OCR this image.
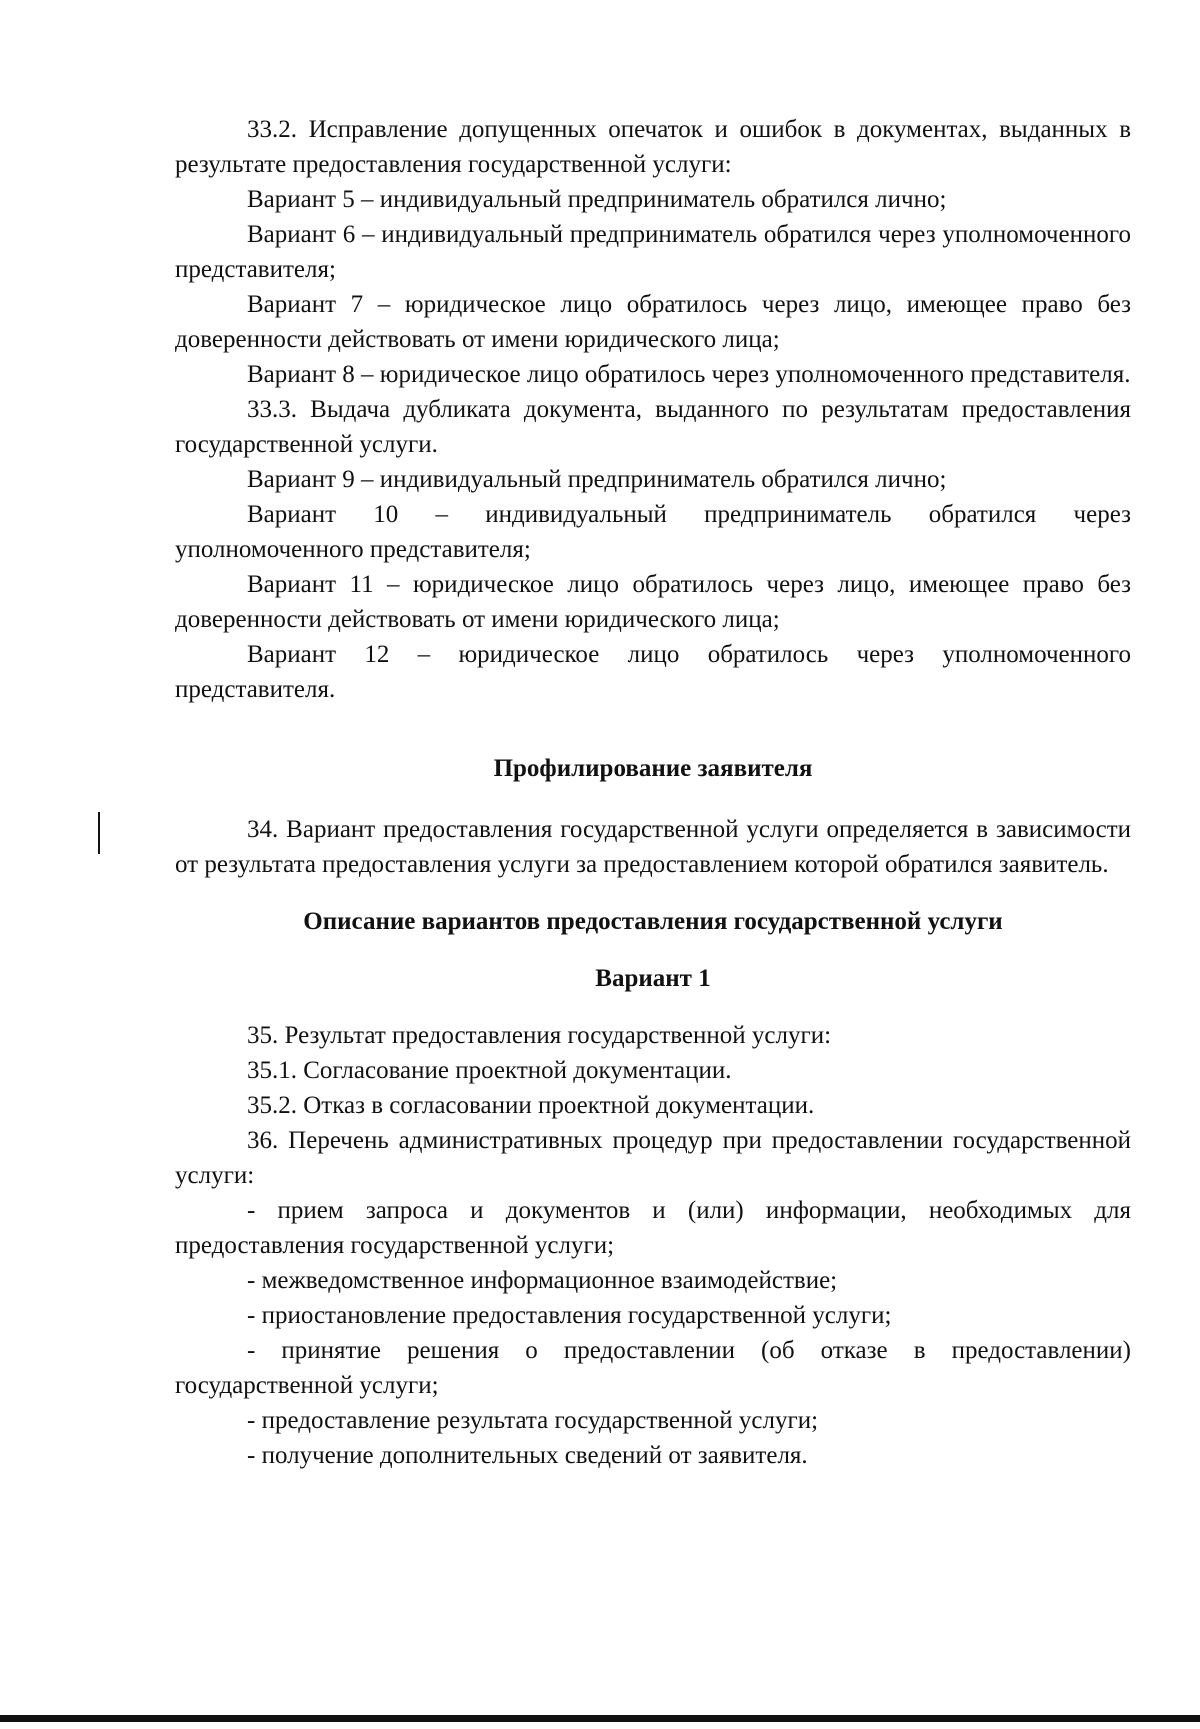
33.2. Исправление допущенных опечаток и ошибок в документах, выданных в результате предоставления государственной услуги:

Вариант 5 – индивидуальный предприниматель обратился лично;

Вариант 6 – индивидуальный предприниматель обратился через уполномоченного представителя;

Вариант 7 – юридическое лицо обратилось через лицо, имеющее право без доверенности действовать от имени юридического лица;

Вариант 8 – юридическое лицо обратилось через уполномоченного представителя.

33.3. Выдача дубликата документа, выданного по результатам предоставления государственной услуги.

Вариант 9 – индивидуальный предприниматель обратился лично;

Вариант 10 – индивидуальный предприниматель обратился через уполномоченного представителя;

Вариант 11 – юридическое лицо обратилось через лицо, имеющее право без доверенности действовать от имени юридического лица;

Вариант 12 – юридическое лицо обратилось через уполномоченного представителя.

Профилирование заявителя

34. Вариант предоставления государственной услуги определяется в зависимости от результата предоставления услуги за предоставлением которой обратился заявитель.

Описание вариантов предоставления государственной услуги

Вариант 1

35. Результат предоставления государственной услуги:

35.1. Согласование проектной документации.

35.2. Отказ в согласовании проектной документации.

36. Перечень административных процедур при предоставлении государственной услуги:

- прием запроса и документов и (или) информации, необходимых для предоставления государственной услуги;

- межведомственное информационное взаимодействие;

- приостановление предоставления государственной услуги;

- принятие решения о предоставлении (об отказе в предоставлении) государственной услуги;

- предоставление результата государственной услуги;

- получение дополнительных сведений от заявителя.
